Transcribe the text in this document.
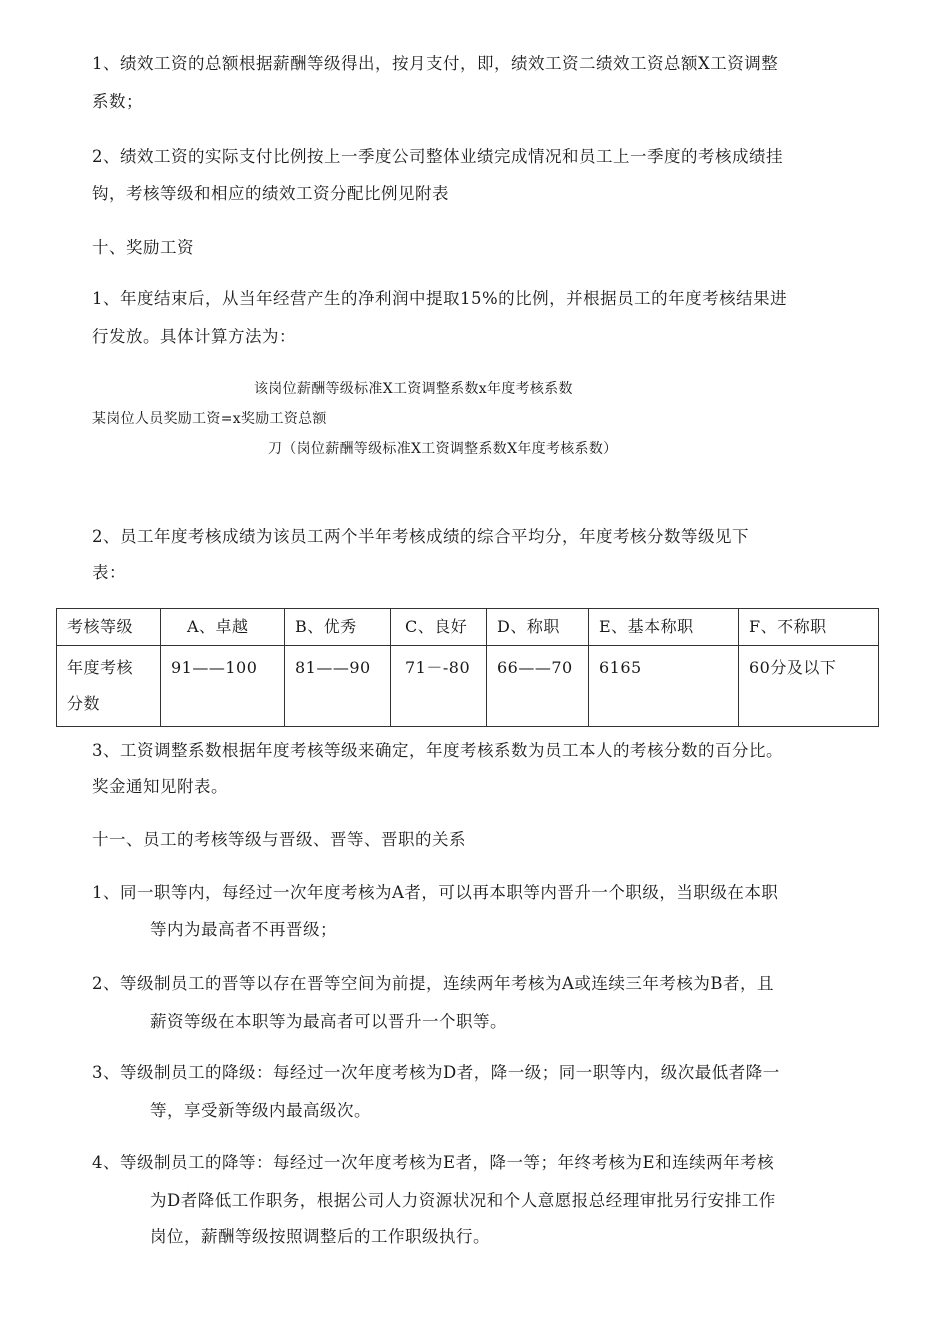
1、绩效工资的总额根据薪酬等级得出，按月支付，即，绩效工资二绩效工资总额X工资调整
系数；
2、绩效工资的实际支付比例按上一季度公司整体业绩完成情况和员工上一季度的考核成绩挂
钩，考核等级和相应的绩效工资分配比例见附表
十、奖励工资
1、年度结束后，从当年经营产生的净利润中提取15%的比例，并根据员工的年度考核结果进
行发放。具体计算方法为：
该岗位薪酬等级标准X工资调整系数x年度考核系数
某岗位人员奖励工资=x奖励工资总额
刀（岗位薪酬等级标准X工资调整系数X年度考核系数）
2、员工年度考核成绩为该员工两个半年考核成绩的综合平均分，年度考核分数等级见下
表：
考核等级	A、卓越	B、优秀	C、良好	D、称职	E、基本称职	F、不称职

年度考核
分数	91——100	81——90	71－-80	66——70	6165	60分及以下
3、工资调整系数根据年度考核等级来确定，年度考核系数为员工本人的考核分数的百分比。
奖金通知见附表。
十一、员工的考核等级与晋级、晋等、晋职的关系
1、同一职等内，每经过一次年度考核为A者，可以再本职等内晋升一个职级，当职级在本职
等内为最高者不再晋级；
2、等级制员工的晋等以存在晋等空间为前提，连续两年考核为A或连续三年考核为B者，且
薪资等级在本职等为最高者可以晋升一个职等。
3、等级制员工的降级：每经过一次年度考核为D者，降一级；同一职等内，级次最低者降一
等，享受新等级内最高级次。
4、等级制员工的降等：每经过一次年度考核为E者，降一等；年终考核为E和连续两年考核
为D者降低工作职务，根据公司人力资源状况和个人意愿报总经理审批另行安排工作
岗位，薪酬等级按照调整后的工作职级执行。
